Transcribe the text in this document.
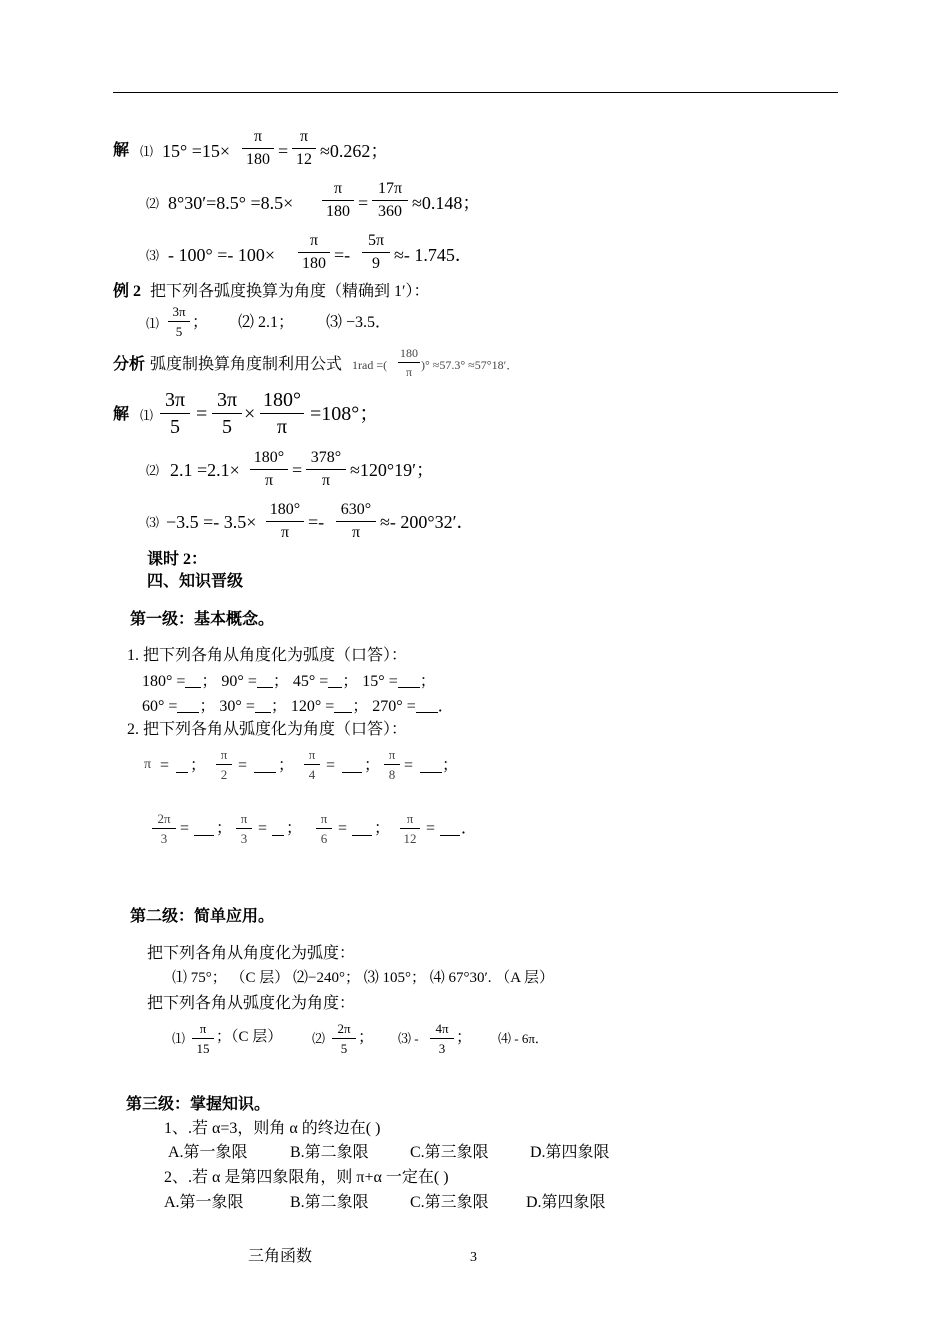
解 ⑴ $15^\circ =15\times \frac{\pi}{180} = \frac{\pi}{12} \approx 0.262$；
⑵ $8^\circ 30'=8.5^\circ =8.5\times \frac{\pi}{180} = \frac{17\pi}{360} \approx 0.148$；
⑶ - $100^\circ =- 100\times \frac{\pi}{180} =- \frac{5\pi}{9} \approx- 1.745$．
例 2 把下列各弧度换算为角度（精确到 1′）：
⑴ $\frac{3\pi}{5}$ ； ⑵ 2.1； ⑶ −3.5．
分析 弧度制换算角度制利用公式 1rad =( $\frac{180}{\pi}$ )° ≈57.3° ≈57°18′．
解 ⑴ $\frac{3\pi}{5} = \frac{3\pi}{5} \times \frac{180^\circ}{\pi} =108^\circ$；
⑵ $2.1 =2.1\times \frac{180^\circ}{\pi} = \frac{378^\circ}{\pi} \approx 120^\circ 19'$；
⑶ $-3.5 =- 3.5\times \frac{180^\circ}{\pi} =- \frac{630^\circ}{\pi} \approx- 200^\circ 32'$．
课时 2：
四、知识晋级
第一级：基本概念。
1. 把下列各角从角度化为弧度（口答）：
180° = ； 90° = ； 45° = ； 15° = ；
60° = ； 30° = ； 120° = ； 270° = ．
2. 把下列各角从弧度化为角度（口答）：
π = ； $\frac{\pi}{2}$ = ； $\frac{\pi}{4}$ = ； $\frac{\pi}{8}$ = ；
$\frac{2\pi}{3}$ = ； $\frac{\pi}{3}$ = ； $\frac{\pi}{6}$ = ； $\frac{\pi}{12}$ = ．
第二级：简单应用。
把下列各角从角度化为弧度：
⑴ 75°； （C 层） ⑵−240°； ⑶ 105°； ⑷ 67°30′. （A 层）
把下列各角从弧度化为角度：
⑴ $\frac{\pi}{15}$ ；（C 层） ⑵ $\frac{2\pi}{5}$ ； ⑶ - $\frac{4\pi}{3}$ ； ⑷ - 6π．
第三级：掌握知识。
1、.若 α=3，则角 α 的终边在( )
A.第一象限	B.第二象限	C.第三象限	D.第四象限
2、.若 α 是第四象限角，则 π+α 一定在( )
A.第一象限	B.第二象限	C.第三象限 D.第四象限
三角函数	3
